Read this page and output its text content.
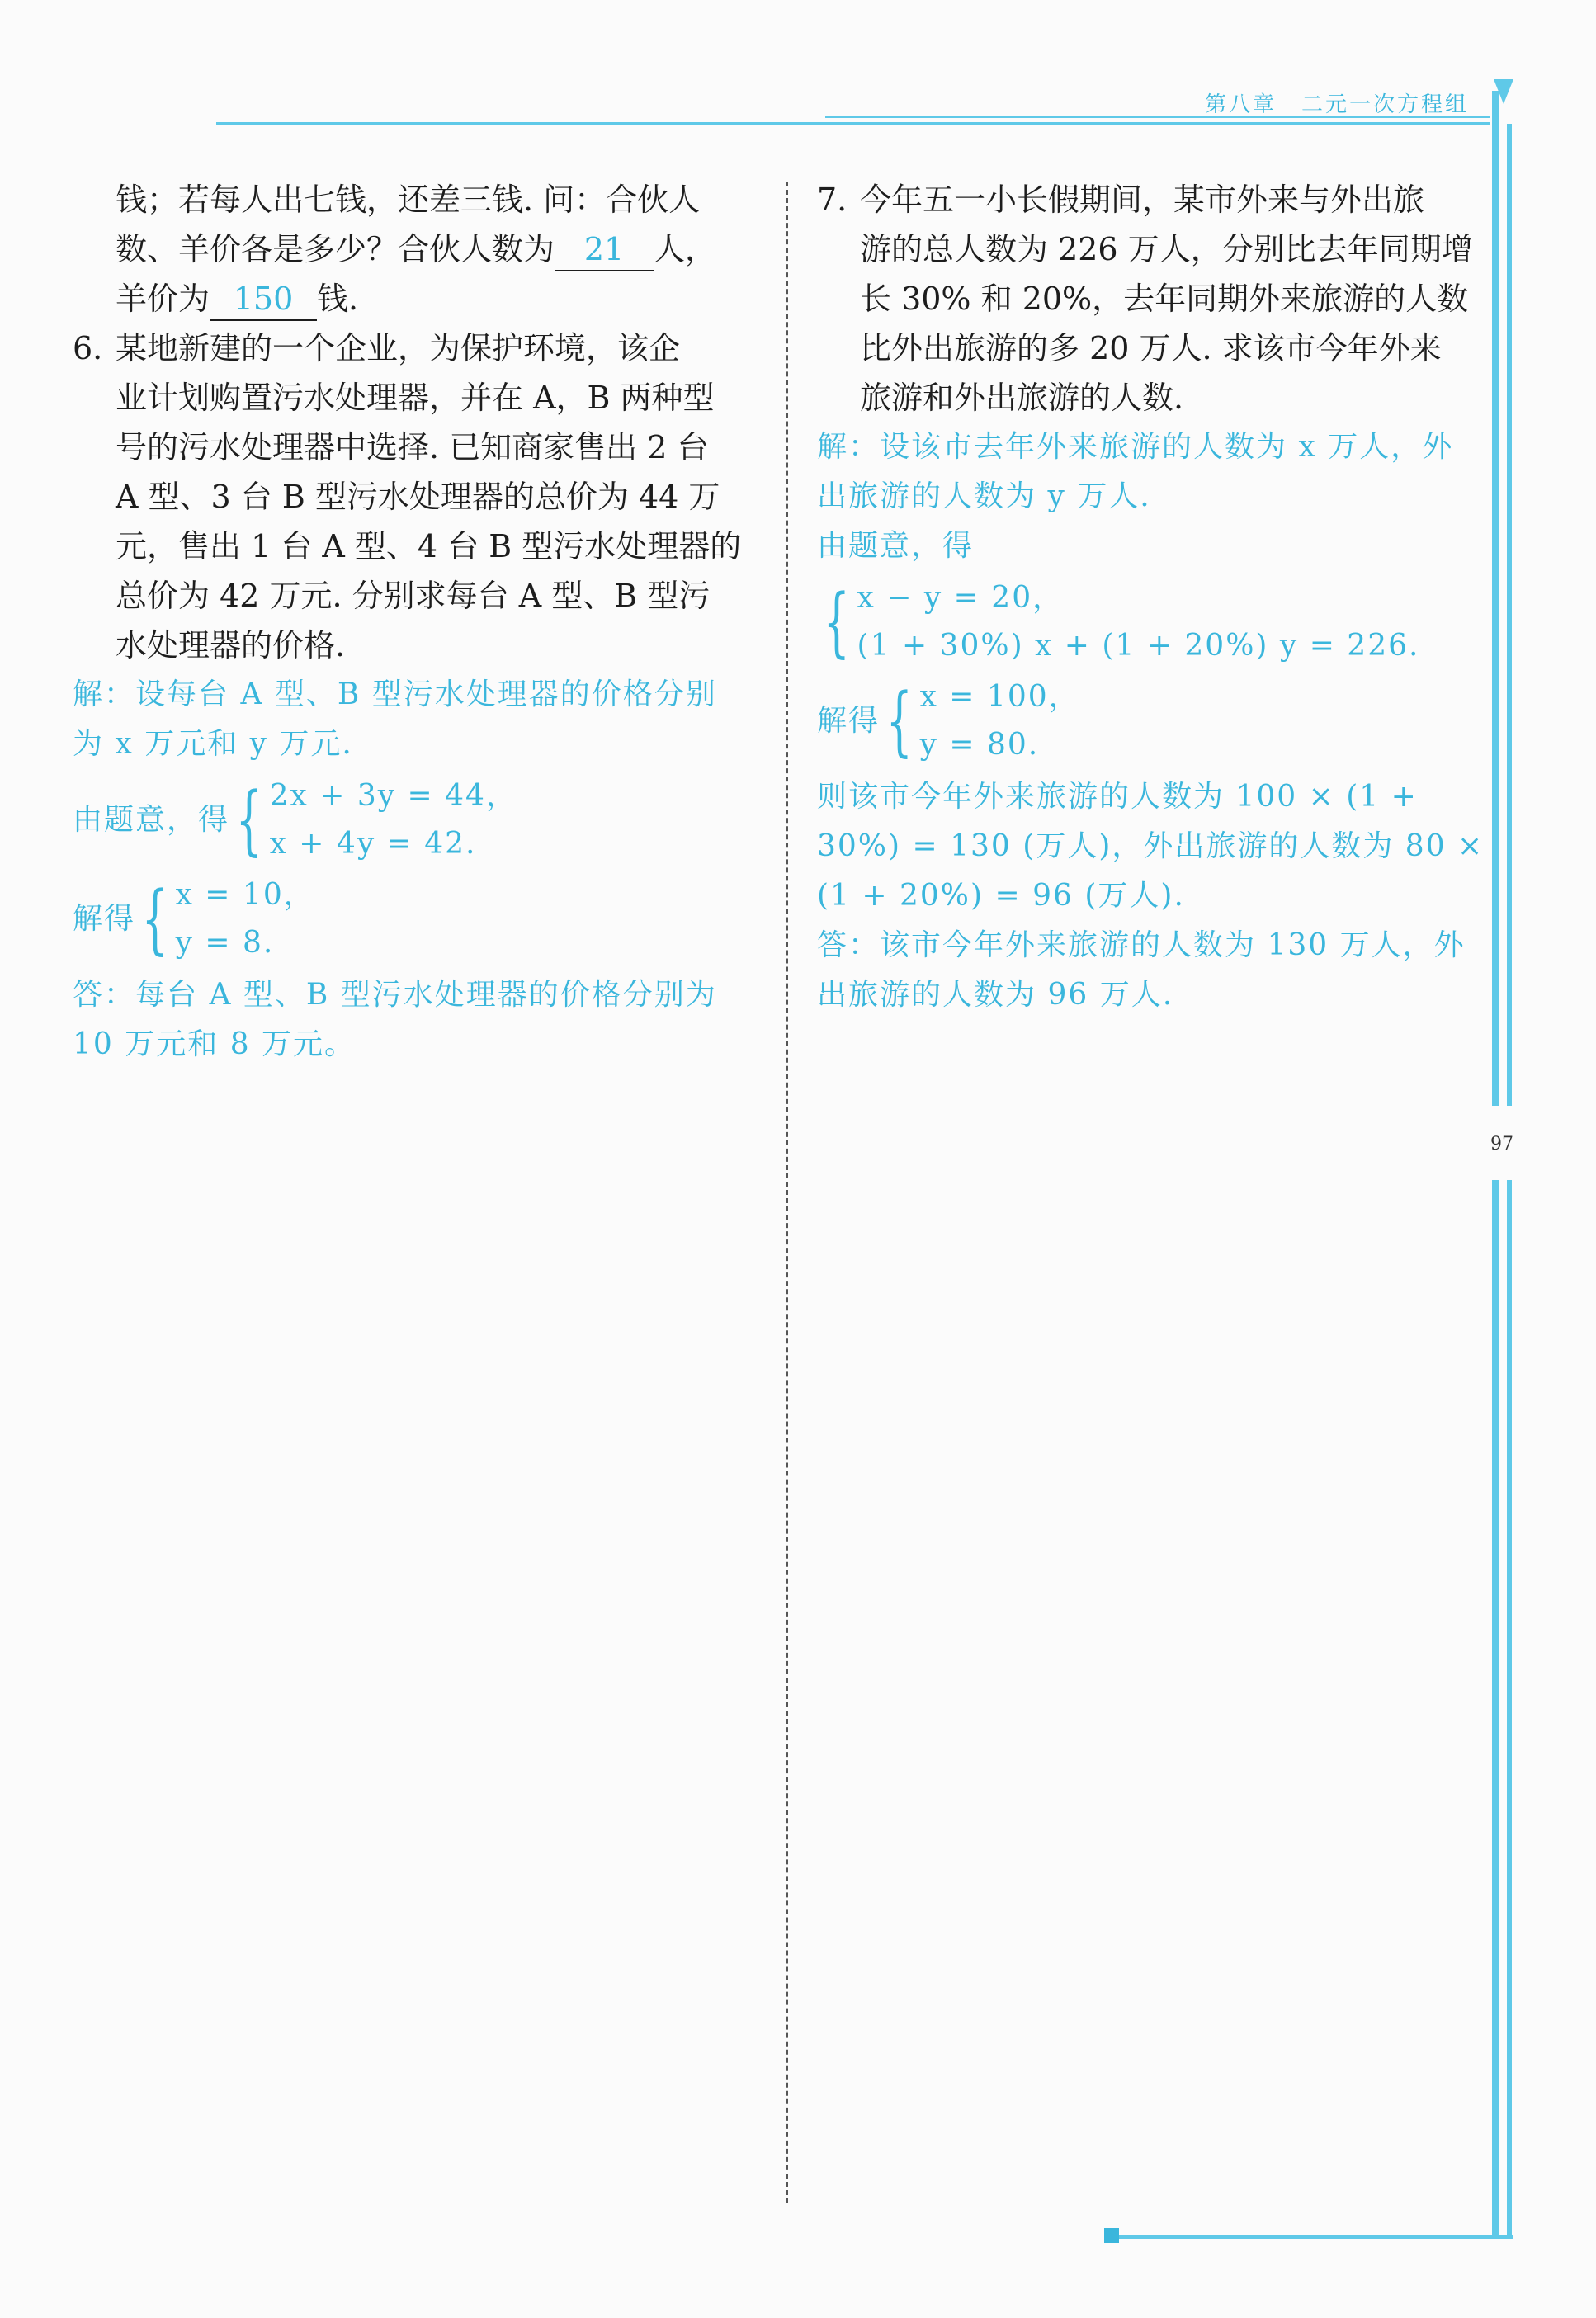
第八章 二元一次方程组
97

钱；若每人出七钱，还差三钱. 问：合伙人

数、羊价各是多少？合伙人数为 21 人，

羊价为 150 钱.

6. 某地新建的一个企业，为保护环境，该企

业计划购置污水处理器，并在 A，B 两种型

号的污水处理器中选择. 已知商家售出 2 台

A 型、3 台 B 型污水处理器的总价为 44 万

元，售出 1 台 A 型、4 台 B 型污水处理器的

总价为 42 万元. 分别求每台 A 型、B 型污

水处理器的价格.

解：设每台 A 型、B 型污水处理器的价格分别

为 x 万元和 y 万元.

由题意，得 { 2x + 3y = 44，
x + 4y = 42.
解得 { x = 10，
y = 8.

答：每台 A 型、B 型污水处理器的价格分别为

10 万元和 8 万元。

7. 今年五一小长假期间，某市外来与外出旅

游的总人数为 226 万人，分别比去年同期增

长 30% 和 20%，去年同期外来旅游的人数

比外出旅游的多 20 万人. 求该市今年外来

旅游和外出旅游的人数.

解：设该市去年外来旅游的人数为 x 万人，外

出旅游的人数为 y 万人.

由题意，得

{ x − y = 20，
(1 + 30%) x + (1 + 20%) y = 226.
解得 { x = 100，
y = 80.

则该市今年外来旅游的人数为 100 × (1 +

30%) = 130 (万人)，外出旅游的人数为 80 ×

(1 + 20%) = 96 (万人).

答：该市今年外来旅游的人数为 130 万人，外

出旅游的人数为 96 万人.
